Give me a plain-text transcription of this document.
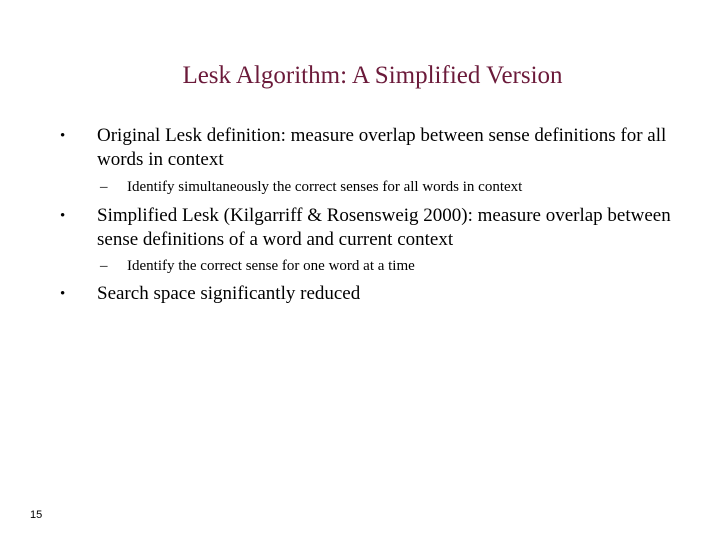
Lesk Algorithm: A Simplified Version
• Original Lesk definition: measure overlap between sense definitions for all words in context
– Identify simultaneously the correct senses for all words in context
• Simplified Lesk (Kilgarriff & Rosensweig 2000): measure overlap between sense definitions of a word and current context
– Identify the correct sense for one word at a time
• Search space significantly reduced
15
